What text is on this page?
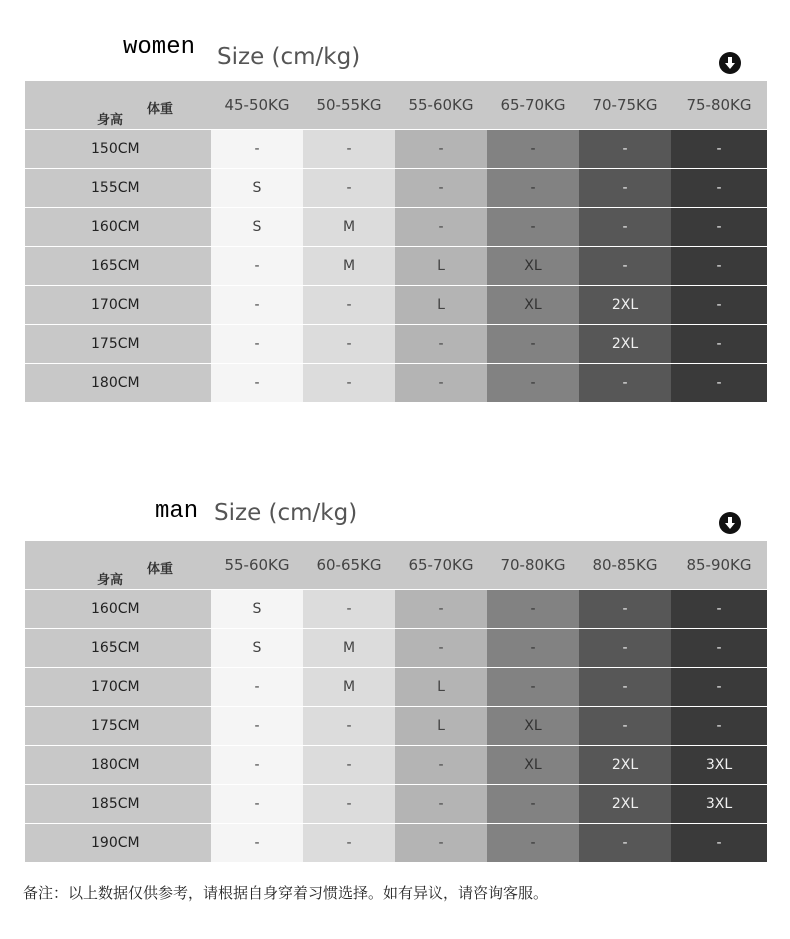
women Size (cm/kg)
体重
身高	45-50KG	50-55KG	55-60KG	65-70KG	70-75KG	75-80KG
150CM	-	-	-	-	-	-
155CM	S	-	-	-	-	-
160CM	S	M	-	-	-	-
165CM	-	M	L	XL	-	-
170CM	-	-	L	XL	2XL	-
175CM	-	-	-	-	2XL	-
180CM	-	-	-	-	-	-
man Size (cm/kg)
体重
身高	55-60KG	60-65KG	65-70KG	70-80KG	80-85KG	85-90KG
160CM	S	-	-	-	-	-
165CM	S	M	-	-	-	-
170CM	-	M	L	-	-	-
175CM	-	-	L	XL	-	-
180CM	-	-	-	XL	2XL	3XL
185CM	-	-	-	-	2XL	3XL
190CM	-	-	-	-	-	-
备注：以上数据仅供参考，请根据自身穿着习惯选择。如有异议，请咨询客服。
